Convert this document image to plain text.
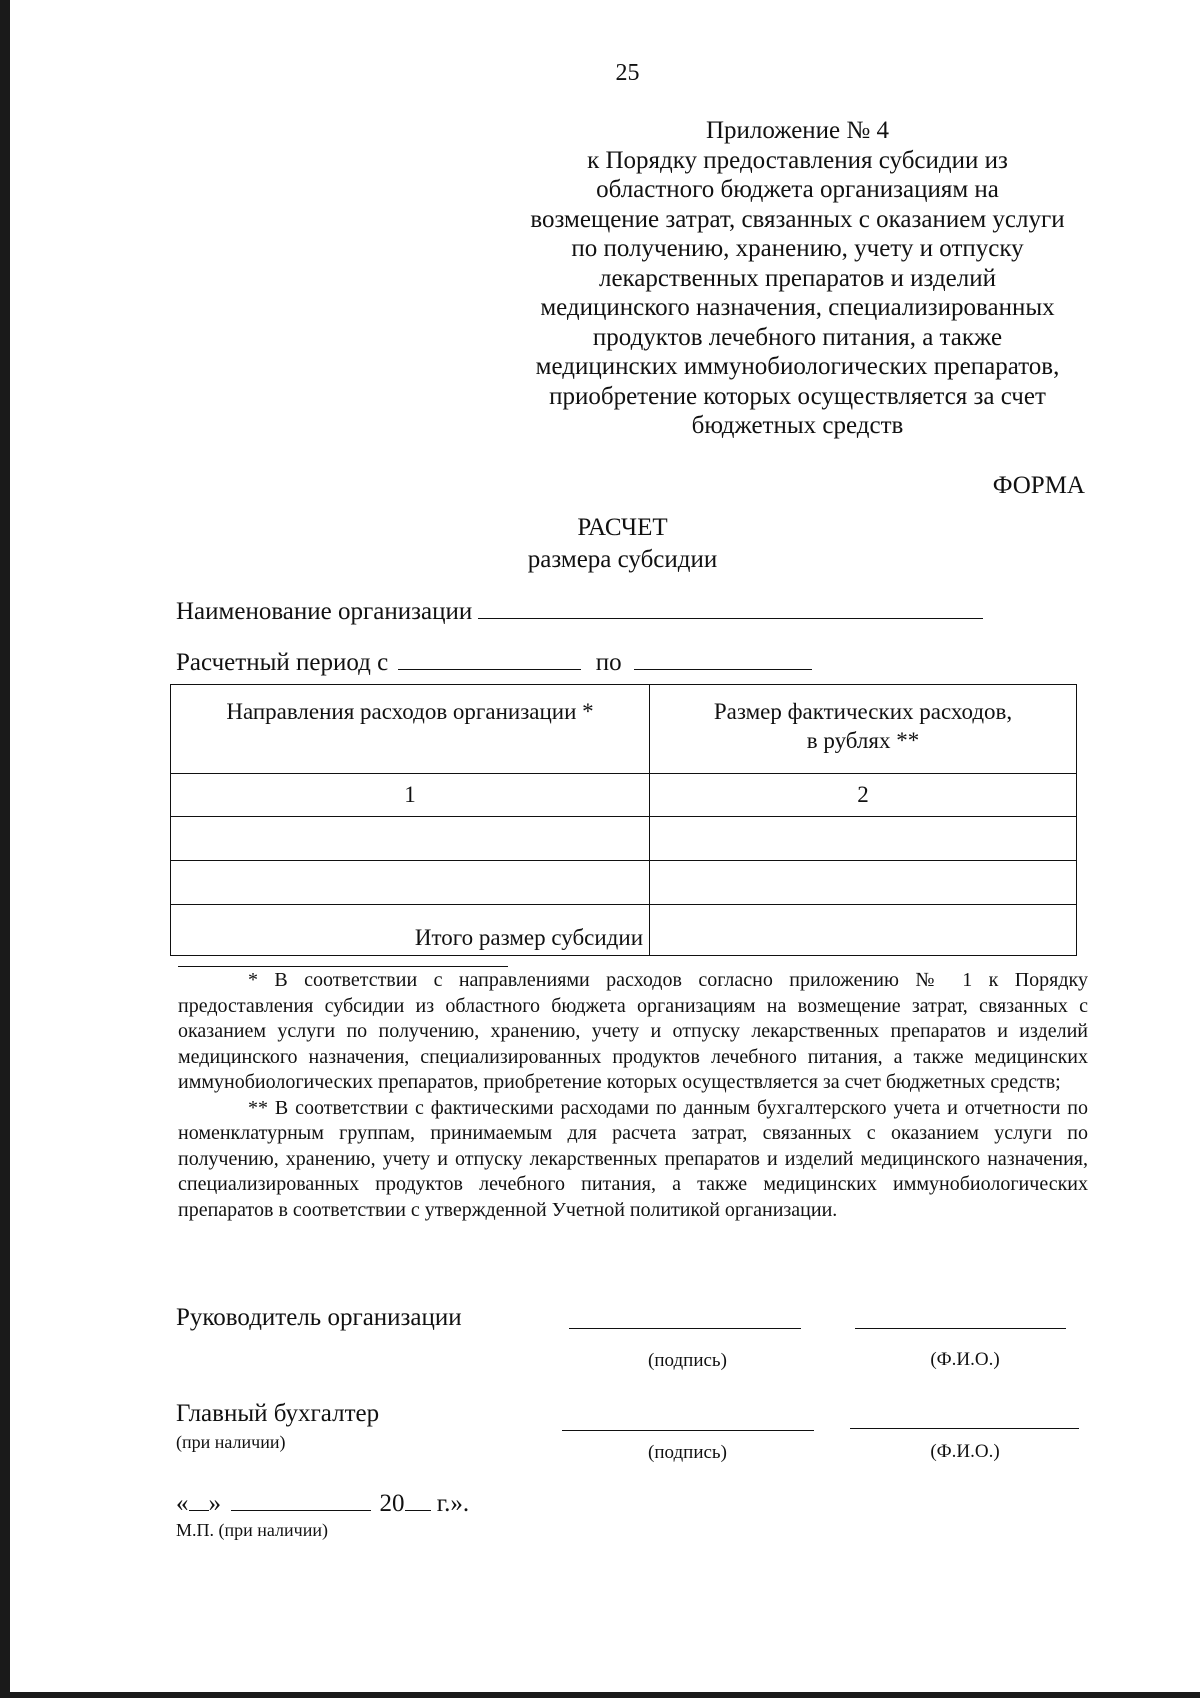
25
Приложение № 4
к Порядку предоставления субсидии из
областного бюджета организациям на
возмещение затрат, связанных с оказанием услуги
по получению, хранению, учету и отпуску
лекарственных препаратов и изделий
медицинского назначения, специализированных
продуктов лечебного питания, а также
медицинских иммунобиологических препаратов,
приобретение которых осуществляется за счет
бюджетных средств
ФОРМА
РАСЧЕТ
размера субсидии
Наименование организации
Расчетный период с	по
Направления расходов организации *	Размер фактических расходов,
в рублях **

1	2

Итого размер субсидии	

* В соответствии с направлениями расходов согласно приложению № 1 к Порядку предоставления субсидии из областного бюджета организациям на возмещение затрат, связанных с оказанием услуги по получению, хранению, учету и отпуску лекарственных препаратов и изделий медицинского назначения, специализированных продуктов лечебного питания, а также медицинских иммунобиологических препаратов, приобретение которых осуществляется за счет бюджетных средств;

** В соответствии с фактическими расходами по данным бухгалтерского учета и отчетности по номенклатурным группам, принимаемым для расчета затрат, связанных с оказанием услуги по получению, хранению, учету и отпуску лекарственных препаратов и изделий медицинского назначения, специализированных продуктов лечебного питания, а также медицинских иммунобиологических препаратов в соответствии с утвержденной Учетной политикой организации.

Руководитель организации
(подпись)	(Ф.И.О.)
Главный бухгалтер
(при наличии)	(подпись)	(Ф.И.О.)
« »	20 г.».
М.П. (при наличии)
